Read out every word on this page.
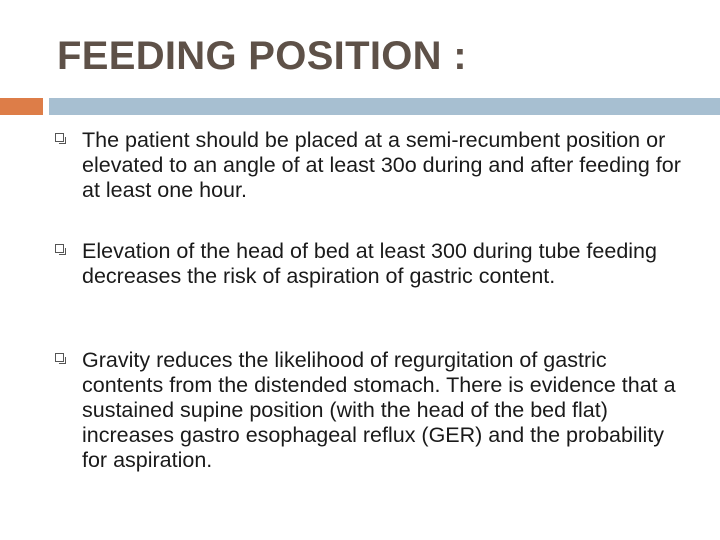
FEEDING POSITION :
The patient should be placed at a semi-recumbent position or elevated to an angle of at least 30o during and after feeding for at least one hour.
Elevation of the head of bed at least 300 during tube feeding decreases the risk of aspiration of gastric content.
Gravity reduces the likelihood of regurgitation of gastric contents from the distended stomach. There is evidence that a sustained supine position (with the head of the bed flat) increases gastro esophageal reflux (GER) and the probability for aspiration.
